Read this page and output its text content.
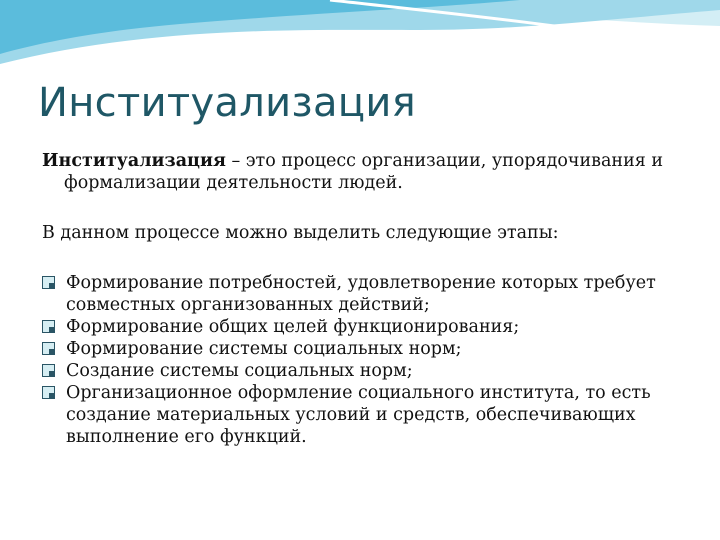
Институализация

Институализация – это процесс организации, упорядочивания и формализации деятельности людей.

В данном процессе можно выделить следующие этапы:

Формирование потребностей, удовлетворение которых требует совместных организованных действий;
Формирование общих целей функционирования;
Формирование системы социальных норм;
Создание системы социальных норм;
Организационное оформление социального института, то есть создание материальных условий и средств, обеспечивающих выполнение его функций.
